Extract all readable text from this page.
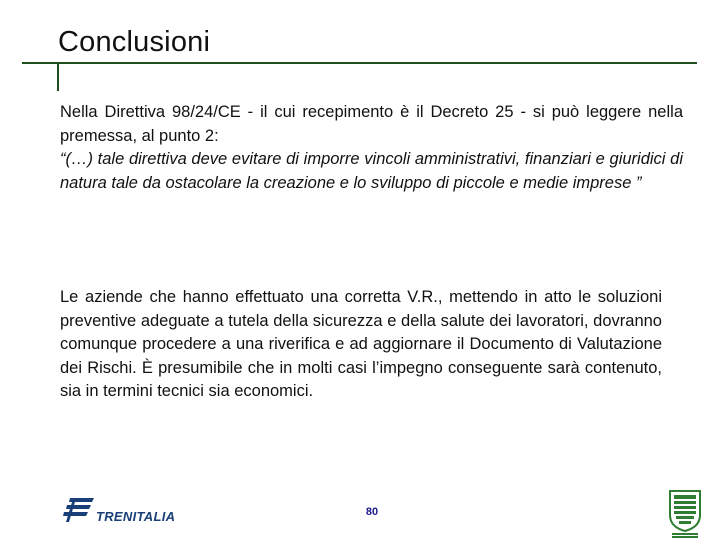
Conclusioni
Nella Direttiva 98/24/CE - il cui recepimento è il Decreto 25 - si può leggere nella premessa, al punto 2:
“(…) tale direttiva deve evitare di imporre vincoli amministrativi, finanziari e giuridici di natura tale da ostacolare la creazione e lo sviluppo di piccole e medie imprese ”
Le aziende che hanno effettuato una corretta V.R., mettendo in atto le soluzioni preventive adeguate a tutela della sicurezza e della salute dei lavoratori, dovranno comunque procedere a una riverifica e ad aggiornare il Documento di Valutazione dei Rischi. È presumibile che in molti casi l’impegno conseguente sarà contenuto, sia in termini tecnici sia economici.
TRENITALIA	80
